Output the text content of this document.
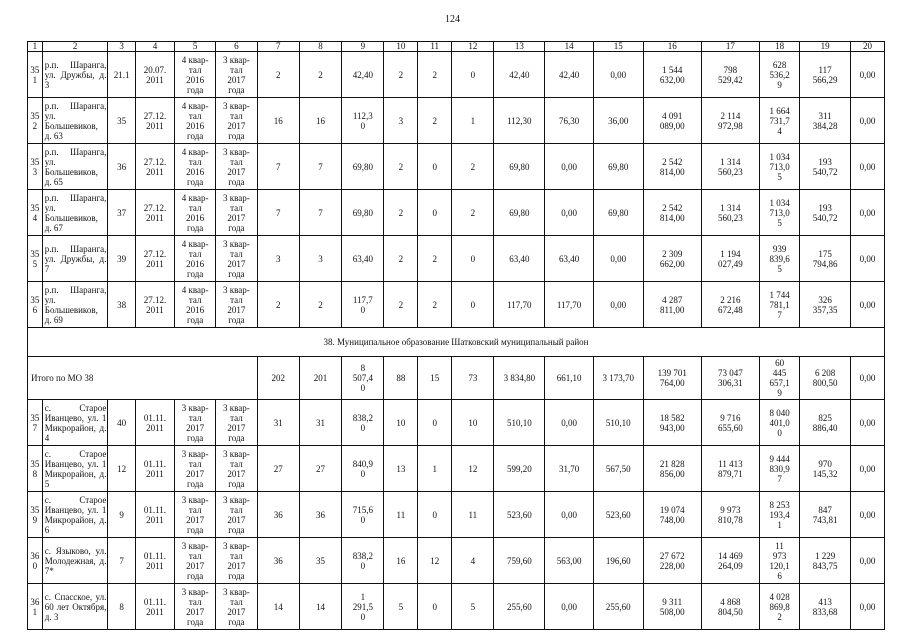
124
1	2	3	4	5	6	7	8	9	10	11	12	13	14	15	16	17	18	19	20
35
1	р.п. Шаранга, ул. Дружбы, д. 3	21.1	20.07.
2011	4 квар-
тал
2016
года	3 квар-
тал
2017
года	2	2	42,40	2	2	0	42,40	42,40	0,00	1 544
632,00	798
529,42	628
536,2
9	117
566,29	0,00
35
2	р.п. Шаранга, ул. Большевиков, д. 63	35	27.12.
2011	4 квар-
тал
2016
года	3 квар-
тал
2017
года	16	16	112,3
0	3	2	1	112,30	76,30	36,00	4 091
089,00	2 114
972,98	1 664
731,7
4	311
384,28	0,00
35
3	р.п. Шаранга, ул. Большевиков, д. 65	36	27.12.
2011	4 квар-
тал
2016
года	3 квар-
тал
2017
года	7	7	69,80	2	0	2	69,80	0,00	69,80	2 542
814,00	1 314
560,23	1 034
713,0
5	193
540,72	0,00
35
4	р.п. Шаранга, ул. Большевиков, д. 67	37	27.12.
2011	4 квар-
тал
2016
года	3 квар-
тал
2017
года	7	7	69,80	2	0	2	69,80	0,00	69,80	2 542
814,00	1 314
560,23	1 034
713,0
5	193
540,72	0,00
35
5	р.п. Шаранга, ул. Дружбы, д. 7	39	27.12.
2011	4 квар-
тал
2016
года	3 квар-
тал
2017
года	3	3	63,40	2	2	0	63,40	63,40	0,00	2 309
662,00	1 194
027,49	939
839,6
5	175
794,86	0,00
35
6	р.п. Шаранга, ул. Большевиков, д. 69	38	27.12.
2011	4 квар-
тал
2016
года	3 квар-
тал
2017
года	2	2	117,7
0	2	2	0	117,70	117,70	0,00	4 287
811,00	2 216
672,48	1 744
781,1
7	326
357,35	0,00
38. Муниципальное образование Шатковский муниципальный район																			
Итого по МО 38						202	201	8
507,4
0	88	15	73	3 834,80	661,10	3 173,70	139 701
764,00	73 047
306,31	60
445
657,1
9	6 208
800,50	0,00
35
7	с. Старое Иванцево, ул. 1 Микрорайон, д. 4	40	01.11.
2011	3 квар-
тал
2017
года	3 квар-
тал
2017
года	31	31	838,2
0	10	0	10	510,10	0,00	510,10	18 582
943,00	9 716
655,60	8 040
401,0
0	825
886,40	0,00
35
8	с. Старое Иванцево, ул. 1 Микрорайон, д. 5	12	01.11.
2011	3 квар-
тал
2017
года	3 квар-
тал
2017
года	27	27	840,9
0	13	1	12	599,20	31,70	567,50	21 828
856,00	11 413
879,71	9 444
830,9
7	970
145,32	0,00
35
9	с. Старое Иванцево, ул. 1 Микрорайон, д. 6	9	01.11.
2011	3 квар-
тал
2017
года	3 квар-
тал
2017
года	36	36	715,6
0	11	0	11	523,60	0,00	523,60	19 074
748,00	9 973
810,78	8 253
193,4
1	847
743,81	0,00
36
0	с. Языково, ул. Молодежная, д. 7*	7	01.11.
2011	3 квар-
тал
2017
года	3 квар-
тал
2017
года	36	35	838,2
0	16	12	4	759,60	563,00	196,60	27 672
228,00	14 469
264,09	11
973
120,1
6	1 229
843,75	0,00
36
1	с. Спасское, ул. 60 лет Октября, д. 3	8	01.11.
2011	3 квар-
тал
2017
года	3 квар-
тал
2017
года	14	14	1
291,5
0	5	0	5	255,60	0,00	255,60	9 311
508,00	4 868
804,50	4 028
869,8
2	413
833,68	0,00
